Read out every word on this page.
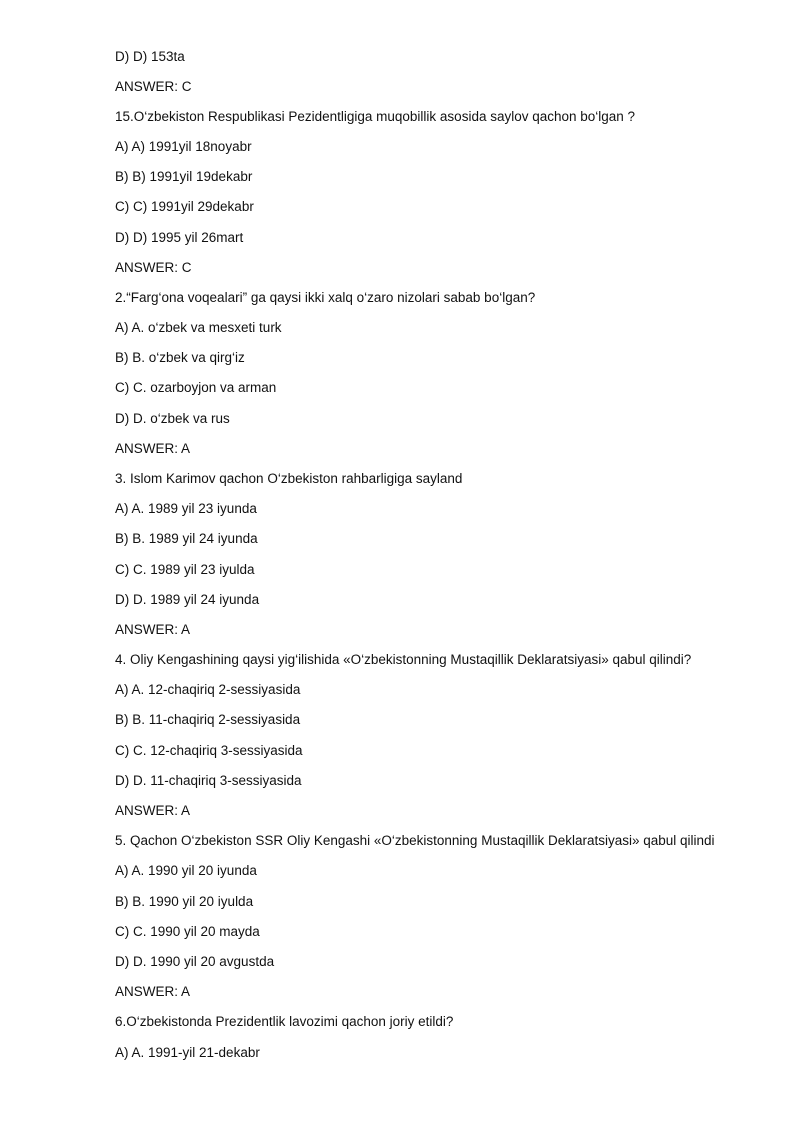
D) D) 153ta
ANSWER: C
15.O‘zbekiston Respublikasi Pezidentligiga muqobillik asosida saylov qachon bo‘lgan ?
A) A) 1991yil 18noyabr
B) B) 1991yil 19dekabr
C) C) 1991yil 29dekabr
D) D) 1995 yil 26mart
ANSWER: C
2.“Farg‘ona voqealari” ga qaysi ikki xalq o‘zaro nizolari sabab bo‘lgan?
A) A. o‘zbek va mesxeti turk
B) B. o‘zbek va qirg‘iz
C) C. ozarboyjon va arman
D) D. o‘zbek va rus
ANSWER: A
3. Islom Karimov qachon O‘zbekiston rahbarligiga sayland
A) A. 1989 yil 23 iyunda
B) B. 1989 yil 24 iyunda
C) C. 1989 yil 23 iyulda
D) D. 1989 yil 24 iyunda
ANSWER: A
4. Oliy Kengashining qaysi yig‘ilishida «O‘zbekistonning Mustaqillik Deklaratsiyasi» qabul qilindi?
A) A. 12-chaqiriq 2-sessiyasida
B) B. 11-chaqiriq 2-sessiyasida
C) C. 12-chaqiriq 3-sessiyasida
D) D. 11-chaqiriq 3-sessiyasida
ANSWER: A
5. Qachon O‘zbekiston SSR Oliy Kengashi «O‘zbekistonning Mustaqillik Deklaratsiyasi» qabul qilindi
A) A. 1990 yil 20 iyunda
B) B. 1990 yil 20 iyulda
C) C. 1990 yil 20 mayda
D) D. 1990 yil 20 avgustda
ANSWER: A
6.O‘zbekistonda Prezidentlik lavozimi qachon joriy etildi?
A) A. 1991-yil 21-dekabr
